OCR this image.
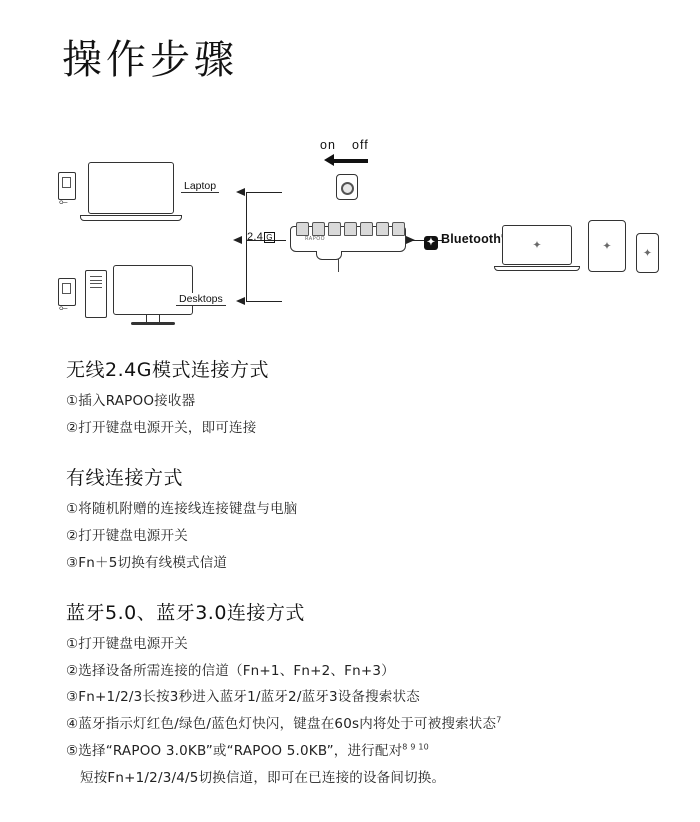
操作步骤
⟜
Laptop
⟜
Desktops
2.4 G
on off
RAPOO	✦ Bluetooth	✦	✦
✦
无线2.4G模式连接方式
①插入RAPOO接收器
②打开键盘电源开关，即可连接
有线连接方式
①将随机附赠的连接线连接键盘与电脑
②打开键盘电源开关
③Fn＋5切换有线模式信道
蓝牙5.0、蓝牙3.0连接方式
①打开键盘电源开关
②选择设备所需连接的信道（Fn+1、Fn+2、Fn+3）
③Fn+1/2/3长按3秒进入蓝牙1/蓝牙2/蓝牙3设备搜索状态
④蓝牙指示灯红色/绿色/蓝色灯快闪，键盘在60s内将处于可被搜索状态$^7$
⑤选择“RAPOO 3.0KB”或“RAPOO 5.0KB”，进行配对$^{8 9 10}$
短按Fn+1/2/3/4/5切换信道，即可在已连接的设备间切换。
